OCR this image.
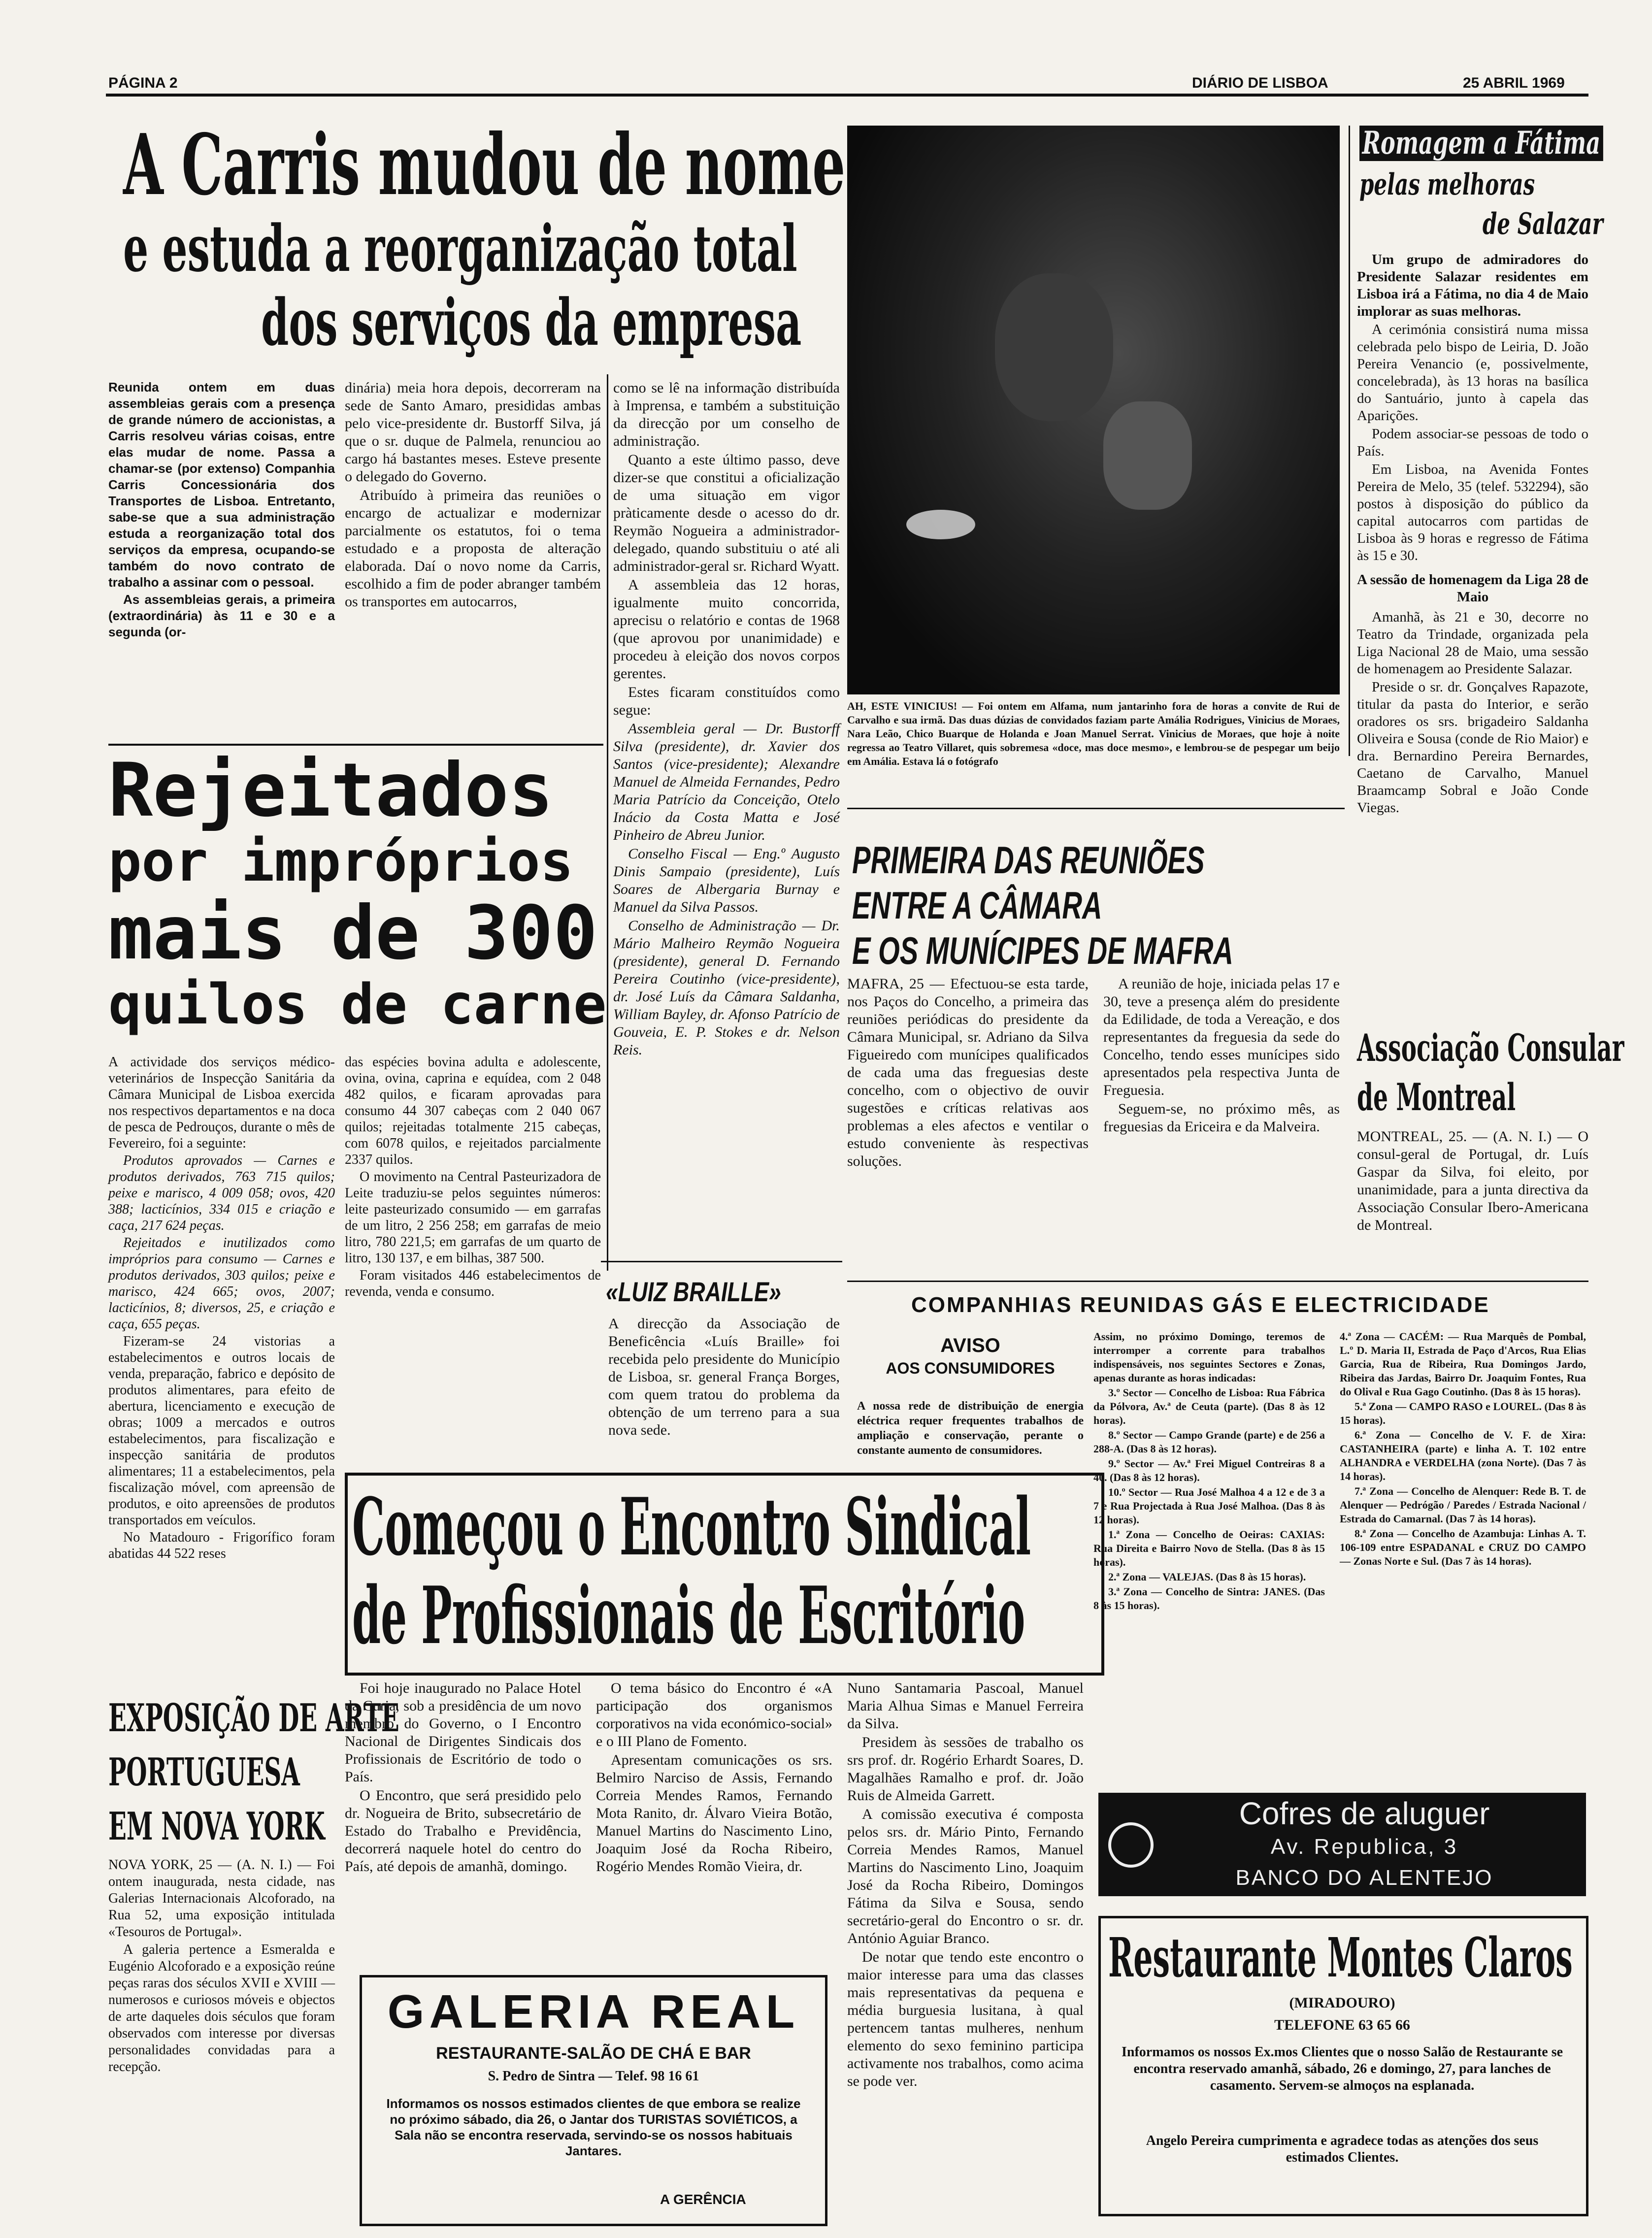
PÁGINA 2	DIÁRIO DE LISBOA	25 ABRIL 1969
A Carris mudou de nome
e estuda a reorganização total
dos serviços da empresa

Reunida ontem em duas assembleias gerais com a presença de grande número de accionistas, a Carris resolveu várias coisas, entre elas mudar de nome. Passa a chamar-se (por extenso) Companhia Carris Concessionária dos Transportes de Lisboa. Entretanto, sabe-se que a sua administração estuda a reorganização total dos serviços da empresa, ocupando-se também do novo contrato de trabalho a assinar com o pessoal.

As assembleias gerais, a primeira (extraordinária) às 11 e 30 e a segunda (or-

dinária) meia hora depois, decorreram na sede de Santo Amaro, presididas ambas pelo vice-presidente dr. Bustorff Silva, já que o sr. duque de Palmela, renunciou ao cargo há bastantes meses. Esteve presente o delegado do Governo.

Atribuído à primeira das reuniões o encargo de actualizar e modernizar parcialmente os estatutos, foi o tema estudado e a proposta de alteração elaborada. Daí o novo nome da Carris, escolhido a fim de poder abranger também os transportes em autocarros,

como se lê na informação distribuída à Imprensa, e também a substituição da direcção por um conselho de administração.

Quanto a este último passo, deve dizer-se que constitui a oficialização de uma situação em vigor pràticamente desde o acesso do dr. Reymão Nogueira a administrador-delegado, quando substituiu o até ali administrador-geral sr. Richard Wyatt.

A assembleia das 12 horas, igualmente muito concorrida, aprecisu o relatório e contas de 1968 (que aprovou por unanimidade) e procedeu à eleição dos novos corpos gerentes.

Estes ficaram constituídos como segue:

Assembleia geral — Dr. Bustorff Silva (presidente), dr. Xavier dos Santos (vice-presidente); Alexandre Manuel de Almeida Fernandes, Pedro Maria Patrício da Conceição, Otelo Inácio da Costa Matta e José Pinheiro de Abreu Junior.

Conselho Fiscal — Eng.º Augusto Dinis Sampaio (presidente), Luís Soares de Albergaria Burnay e Manuel da Silva Passos.

Conselho de Administração — Dr. Mário Malheiro Reymão Nogueira (presidente), general D. Fernando Pereira Coutinho (vice-presidente), dr. José Luís da Câmara Saldanha, William Bayley, dr. Afonso Patrício de Gouveia, E. P. Stokes e dr. Nelson Reis.

Rejeitados
por impróprios
mais de 300
quilos de carne

A actividade dos serviços médico-veterinários de Inspecção Sanitária da Câmara Municipal de Lisboa exercida nos respectivos departamentos e na doca de pesca de Pedrouços, durante o mês de Fevereiro, foi a seguinte:

Produtos aprovados — Carnes e produtos derivados, 763 715 quilos; peixe e marisco, 4 009 058; ovos, 420 388; lacticínios, 334 015 e criação e caça, 217 624 peças.

Rejeitados e inutilizados como impróprios para consumo — Carnes e produtos derivados, 303 quilos; peixe e marisco, 424 665; ovos, 2007; lacticínios, 8; diversos, 25, e criação e caça, 655 peças.

Fizeram-se 24 vistorias a estabelecimentos e outros locais de venda, preparação, fabrico e depósito de produtos alimentares, para efeito de abertura, licenciamento e execução de obras; 1009 a mercados e outros estabelecimentos, para fiscalização e inspecção sanitária de produtos alimentares; 11 a estabelecimentos, pela fiscalização móvel, com apreensão de produtos, e oito apreensões de produtos transportados em veículos.

No Matadouro - Frigorífico foram abatidas 44 522 reses

das espécies bovina adulta e adolescente, ovina, ovina, caprina e equídea, com 2 048 482 quilos, e ficaram aprovadas para consumo 44 307 cabeças com 2 040 067 quilos; rejeitadas totalmente 215 cabeças, com 6078 quilos, e rejeitados parcialmente 2337 quilos.

O movimento na Central Pasteurizadora de Leite traduziu-se pelos seguintes números: leite pasteurizado consumido — em garrafas de um litro, 2 256 258; em garrafas de meio litro, 780 221,5; em garrafas de um quarto de litro, 130 137, e em bilhas, 387 500.

Foram visitados 446 estabelecimentos de revenda, venda e consumo.

EXPOSIÇÃO DE ARTE
PORTUGUESA
EM NOVA YORK

NOVA YORK, 25 — (A. N. I.) — Foi ontem inaugurada, nesta cidade, nas Galerias Internacionais Alcoforado, na Rua 52, uma exposição intitulada «Tesouros de Portugal».

A galeria pertence a Esmeralda e Eugénio Alcoforado e a exposição reúne peças raras dos séculos XVII e XVIII — numerosos e curiosos móveis e objectos de arte daqueles dois séculos que foram observados com interesse por diversas personalidades convidadas para a recepção.

AH, ESTE VINICIUS! — Foi ontem em Alfama, num jantarinho fora de horas a convite de Rui de Carvalho e sua irmã. Das duas dúzias de convidados faziam parte Amália Rodrigues, Vinicius de Moraes, Nara Leão, Chico Buarque de Holanda e Joan Manuel Serrat. Vinicius de Moraes, que hoje à noite regressa ao Teatro Villaret, quis sobremesa «doce, mas doce mesmo», e lembrou-se de pespegar um beijo em Amália. Estava lá o fotógrafo
Romagem a Fátima
pelas melhoras
de Salazar

Um grupo de admiradores do Presidente Salazar residentes em Lisboa irá a Fátima, no dia 4 de Maio implorar as suas melhoras.

A cerimónia consistirá numa missa celebrada pelo bispo de Leiria, D. João Pereira Venancio (e, possivelmente, concelebrada), às 13 horas na basílica do Santuário, junto à capela das Aparições.

Podem associar-se pessoas de todo o País.

Em Lisboa, na Avenida Fontes Pereira de Melo, 35 (telef. 532294), são postos à disposição do público da capital autocarros com partidas de Lisboa às 9 horas e regresso de Fátima às 15 e 30.

A sessão de homenagem da Liga 28 de Maio

Amanhã, às 21 e 30, decorre no Teatro da Trindade, organizada pela Liga Nacional 28 de Maio, uma sessão de homenagem ao Presidente Salazar.

Preside o sr. dr. Gonçalves Rapazote, titular da pasta do Interior, e serão oradores os srs. brigadeiro Saldanha Oliveira e Sousa (conde de Rio Maior) e dra. Bernardino Pereira Bernardes, Caetano de Carvalho, Manuel Braamcamp Sobral e João Conde Viegas.

PRIMEIRA DAS REUNIÕES
ENTRE A CÂMARA
E OS MUNÍCIPES DE MAFRA

MAFRA, 25 — Efectuou-se esta tarde, nos Paços do Concelho, a primeira das reuniões periódicas do presidente da Câmara Municipal, sr. Adriano da Silva Figueiredo com munícipes qualificados de cada uma das freguesias deste concelho, com o objectivo de ouvir sugestões e críticas relativas aos problemas a eles afectos e ventilar o estudo conveniente às respectivas soluções.

A reunião de hoje, iniciada pelas 17 e 30, teve a presença além do presidente da Edilidade, de toda a Vereação, e dos representantes da freguesia da sede do Concelho, tendo esses munícipes sido apresentados pela respectiva Junta de Freguesia.

Seguem-se, no próximo mês, as freguesias da Ericeira e da Malveira.

Associação Consular
de Montreal
MONTREAL, 25. — (A. N. I.) — O consul-geral de Portugal, dr. Luís Gaspar da Silva, foi eleito, por unanimidade, para a junta directiva da Associação Consular Ibero-Americana de Montreal.
«LUIZ BRAILLE»
A direcção da Associação de Beneficência «Luís Braille» foi recebida pelo presidente do Município de Lisboa, sr. general França Borges, com quem tratou do problema da obtenção de um terreno para a sua nova sede.
COMPANHIAS REUNIDAS GÁS E ELECTRICIDADE
AVISO
AOS CONSUMIDORES
A nossa rede de distribuição de energia eléctrica requer frequentes trabalhos de ampliação e conservação, perante o constante aumento de consumidores.

Assim, no próximo Domingo, teremos de interromper a corrente para trabalhos indispensáveis, nos seguintes Sectores e Zonas, apenas durante as horas indicadas:

3.º Sector — Concelho de Lisboa: Rua Fábrica da Pólvora, Av.ª de Ceuta (parte). (Das 8 às 12 horas).

8.º Sector — Campo Grande (parte) e de 256 a 288-A. (Das 8 às 12 horas).

9.º Sector — Av.ª Frei Miguel Contreiras 8 a 40. (Das 8 às 12 horas).

10.º Sector — Rua José Malhoa 4 a 12 e de 3 a 7 e Rua Projectada à Rua José Malhoa. (Das 8 às 12 horas).

1.ª Zona — Concelho de Oeiras: CAXIAS: Rua Direita e Bairro Novo de Stella. (Das 8 às 15 horas).

2.ª Zona — VALEJAS. (Das 8 às 15 horas).

3.ª Zona — Concelho de Sintra: JANES. (Das 8 às 15 horas).

4.ª Zona — CACÉM: — Rua Marquês de Pombal, L.º D. Maria II, Estrada de Paço d'Arcos, Rua Elias Garcia, Rua de Ribeira, Rua Domingos Jardo, Ribeira das Jardas, Bairro Dr. Joaquim Fontes, Rua do Olival e Rua Gago Coutinho. (Das 8 às 15 horas).

5.ª Zona — CAMPO RASO e LOUREL. (Das 8 às 15 horas).

6.ª Zona — Concelho de V. F. de Xira: CASTANHEIRA (parte) e linha A. T. 102 entre ALHANDRA e VERDELHA (zona Norte). (Das 7 às 14 horas).

7.ª Zona — Concelho de Alenquer: Rede B. T. de Alenquer — Pedrógão / Paredes / Estrada Nacional / Estrada do Camarnal. (Das 7 às 14 horas).

8.ª Zona — Concelho de Azambuja: Linhas A. T. 106-109 entre ESPADANAL e CRUZ DO CAMPO — Zonas Norte e Sul. (Das 7 às 14 horas).

Começou o Encontro Sindical
de Profissionais de Escritório

Foi hoje inaugurado no Palace Hotel da Curia, sob a presidência de um novo membro do Governo, o I Encontro Nacional de Dirigentes Sindicais dos Profissionais de Escritório de todo o País.

O Encontro, que será presidido pelo dr. Nogueira de Brito, subsecretário de Estado do Trabalho e Previdência, decorrerá naquele hotel do centro do País, até depois de amanhã, domingo.

O tema básico do Encontro é «A participação dos organismos corporativos na vida económico-social» e o III Plano de Fomento.

Apresentam comunicações os srs. Belmiro Narciso de Assis, Fernando Correia Mendes Ramos, Fernando Mota Ranito, dr. Álvaro Vieira Botão, Manuel Martins do Nascimento Lino, Joaquim José da Rocha Ribeiro, Rogério Mendes Romão Vieira, dr.

Nuno Santamaria Pascoal, Manuel Maria Alhua Simas e Manuel Ferreira da Silva.

Presidem às sessões de trabalho os srs prof. dr. Rogério Erhardt Soares, D. Magalhães Ramalho e prof. dr. João Ruis de Almeida Garrett.

A comissão executiva é composta pelos srs. dr. Mário Pinto, Fernando Correia Mendes Ramos, Manuel Martins do Nascimento Lino, Joaquim José da Rocha Ribeiro, Domingos Fátima da Silva e Sousa, sendo secretário-geral do Encontro o sr. dr. António Aguiar Branco.

De notar que tendo este encontro o maior interesse para uma das classes mais representativas da pequena e média burguesia lusitana, à qual pertencem tantas mulheres, nenhum elemento do sexo feminino participa activamente nos trabalhos, como acima se pode ver.

GALERIA REAL
RESTAURANTE-SALÃO DE CHÁ E BAR
S. Pedro de Sintra — Telef. 98 16 61
Informamos os nossos estimados clientes de que embora se realize no próximo sábado, dia 26, o Jantar dos TURISTAS SOVIÉTICOS, a Sala não se encontra reservada, servindo-se os nossos habituais Jantares.
A GERÊNCIA
Cofres de aluguer
Av. Republica, 3
BANCO DO ALENTEJO
Restaurante Montes Claros
(MIRADOURO)
TELEFONE 63 65 66
Informamos os nossos Ex.mos Clientes que o nosso Salão de Restaurante se encontra reservado amanhã, sábado, 26 e domingo, 27, para lanches de casamento. Servem-se almoços na esplanada.
Angelo Pereira cumprimenta e agradece todas as atenções dos seus estimados Clientes.
